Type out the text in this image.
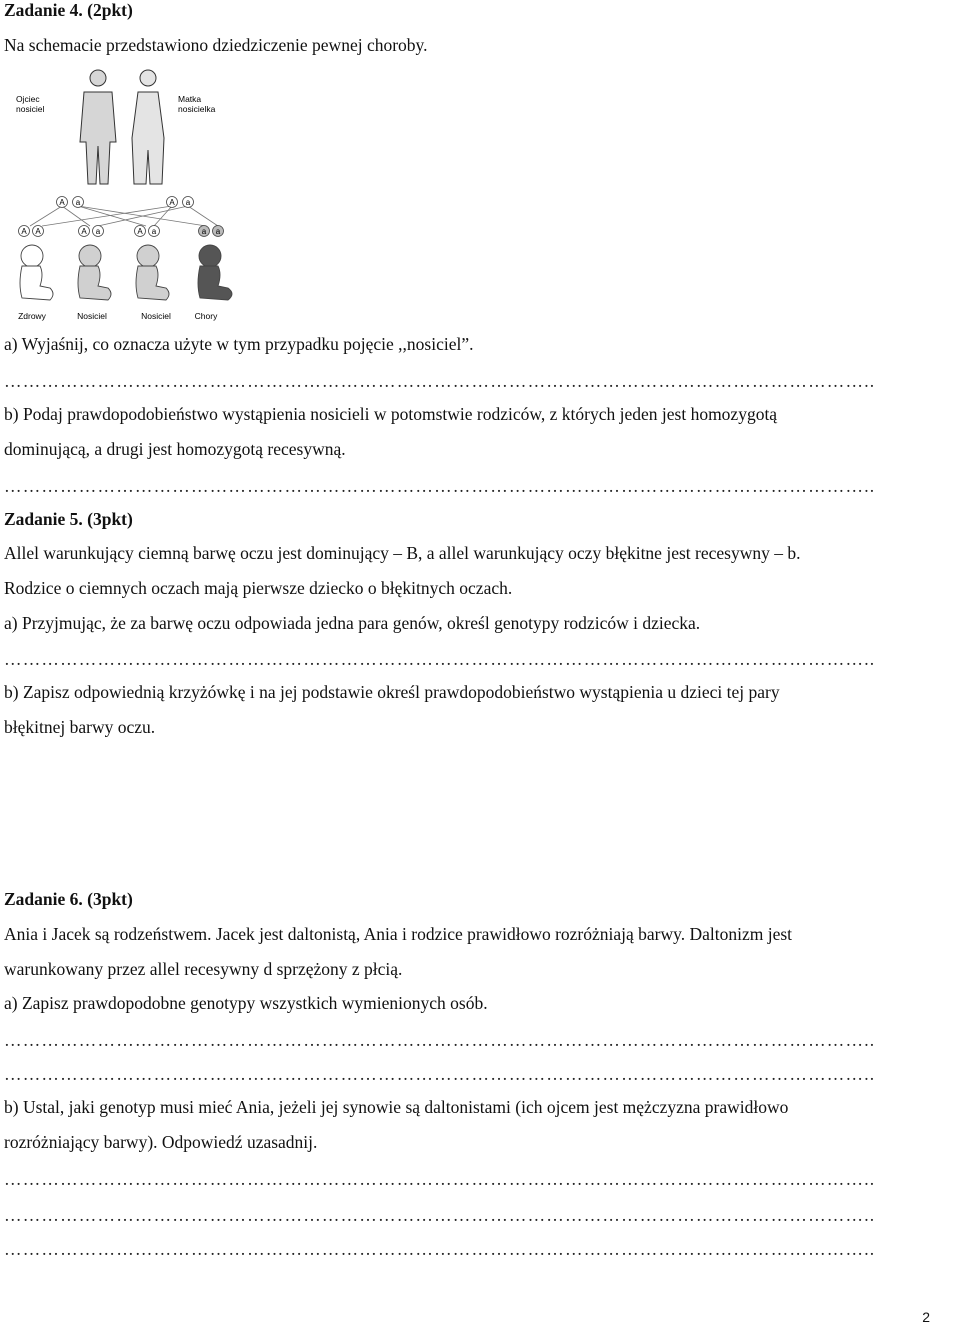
Zadanie 4. (2pkt)
Na schemacie przedstawiono dziedziczenie pewnej choroby.
Ojciec nosiciel
Matka nosicielka
A a	A a
A A	A a	A a	a a
Zdrowy	Nosiciel	Nosiciel	Chory
a) Wyjaśnij, co oznacza użyte w tym przypadku pojęcie ,,nosiciel”.
…………………………………………………………………………………………………………………………..
b) Podaj prawdopodobieństwo wystąpienia nosicieli w potomstwie rodziców, z których jeden jest homozygotą
dominującą, a drugi jest homozygotą recesywną.
…………………………………………………………………………………………………………………………..
Zadanie 5. (3pkt)
Allel warunkujący ciemną barwę oczu jest dominujący – B, a allel warunkujący oczy błękitne jest recesywny – b.
Rodzice o ciemnych oczach mają pierwsze dziecko o błękitnych oczach.
a) Przyjmując, że za barwę oczu odpowiada jedna para genów, określ genotypy rodziców i dziecka.
…………………………………………………………………………………………………………………………..
b) Zapisz odpowiednią krzyżówkę i na jej podstawie określ prawdopodobieństwo wystąpienia u dzieci tej pary
błękitnej barwy oczu.
Zadanie 6. (3pkt)
Ania i Jacek są rodzeństwem. Jacek jest daltonistą, Ania i rodzice prawidłowo rozróżniają barwy. Daltonizm jest
warunkowany przez allel recesywny d sprzężony z płcią.
a) Zapisz prawdopodobne genotypy wszystkich wymienionych osób.
…………………………………………………………………………………………………………………………..
…………………………………………………………………………………………………………………………..
b) Ustal, jaki genotyp musi mieć Ania, jeżeli jej synowie są daltonistami (ich ojcem jest mężczyzna prawidłowo
rozróżniający barwy). Odpowiedź uzasadnij.
…………………………………………………………………………………………………………………………..
…………………………………………………………………………………………………………………………..
…………………………………………………………………………………………………………………………..
2
